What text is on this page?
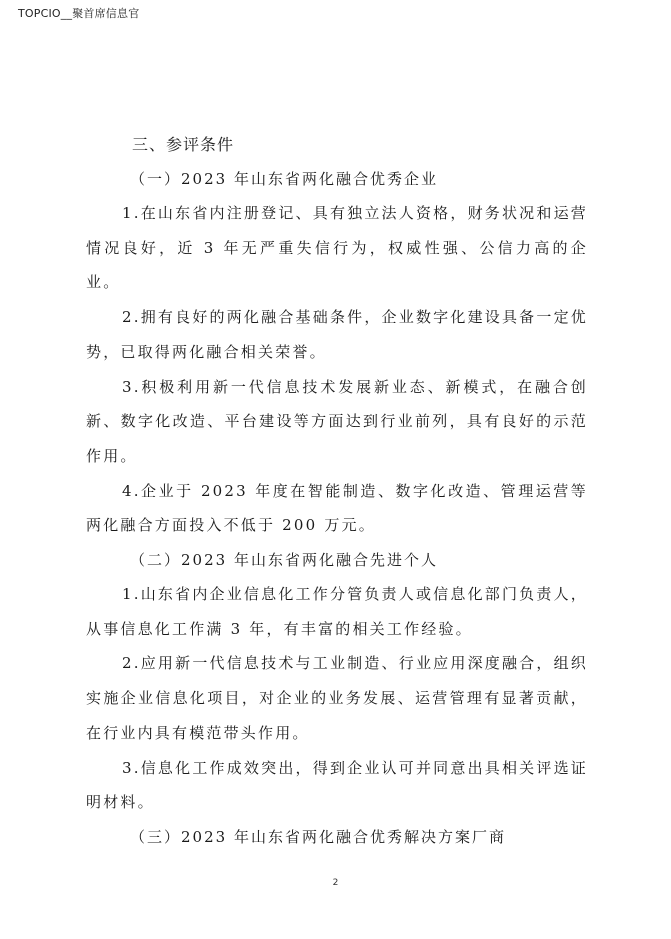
TOPCIO__聚首席信息官

三、参评条件

（一）2023 年山东省两化融合优秀企业

1.在山东省内注册登记、具有独立法人资格，财务状况和运营情况良好，近 3 年无严重失信行为，权威性强、公信力高的企业。

2.拥有良好的两化融合基础条件，企业数字化建设具备一定优势，已取得两化融合相关荣誉。

3.积极利用新一代信息技术发展新业态、新模式，在融合创新、数字化改造、平台建设等方面达到行业前列，具有良好的示范作用。

4.企业于 2023 年度在智能制造、数字化改造、管理运营等两化融合方面投入不低于 200 万元。

（二）2023 年山东省两化融合先进个人

1.山东省内企业信息化工作分管负责人或信息化部门负责人，从事信息化工作满 3 年，有丰富的相关工作经验。

2.应用新一代信息技术与工业制造、行业应用深度融合，组织实施企业信息化项目，对企业的业务发展、运营管理有显著贡献，在行业内具有模范带头作用。

3.信息化工作成效突出，得到企业认可并同意出具相关评选证明材料。

（三）2023 年山东省两化融合优秀解决方案厂商

2
